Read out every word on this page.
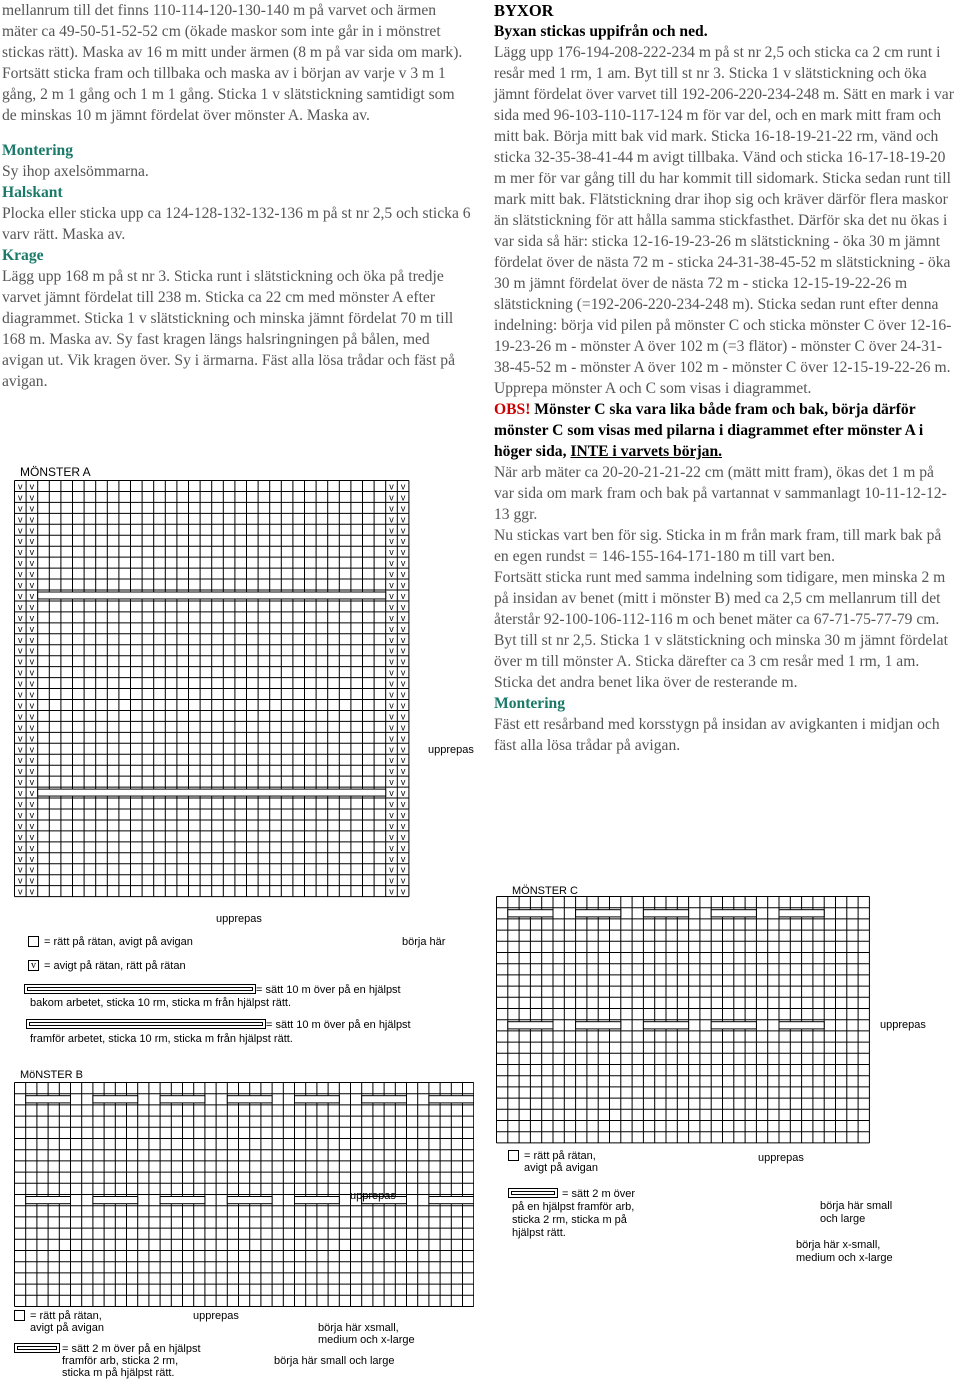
mellanrum till det finns 110-114-120-130-140 m på varvet och ärmen mäter ca 49-50-51-52-52 cm (ökade maskor som inte går in i mönstret stickas rätt). Maska av 16 m mitt under ärmen (8 m på var sida om mark). Fortsätt sticka fram och tillbaka och maska av i början av varje v 3 m 1 gång, 2 m 1 gång och 1 m 1 gång. Sticka 1 v slätstickning samtidigt som de minskas 10 m jämnt fördelat över mönster A. Maska av.

Montering

Sy ihop axelsömmarna.

Halskant

Plocka eller sticka upp ca 124-128-132-132-136 m på st nr 2,5 och sticka 6 varv rätt. Maska av.

Krage

Lägg upp 168 m på st nr 3. Sticka runt i slätstickning och öka på tredje varvet jämnt fördelat till 238 m. Sticka ca 22 cm med mönster A efter diagrammet. Sticka 1 v slätstickning och minska jämnt fördelat 70 m till 168 m. Maska av. Sy fast kragen längs halsringningen på bålen, med avigan ut. Vik kragen över. Sy i ärmarna. Fäst alla lösa trådar och fäst på avigan.

BYXOR

Byxan stickas uppifrån och ned.

Lägg upp 176-194-208-222-234 m på st nr 2,5 och sticka ca 2 cm runt i resår med 1 rm, 1 am. Byt till st nr 3. Sticka 1 v slätstickning och öka jämnt fördelat över varvet till 192-206-220-234-248 m. Sätt en mark i var sida med 96-103-110-117-124 m för var del, och en mark mitt fram och mitt bak. Börja mitt bak vid mark. Sticka 16-18-19-21-22 rm, vänd och sticka 32-35-38-41-44 m avigt tillbaka. Vänd och sticka 16-17-18-19-20 m mer för var gång till du har kommit till sidomark. Sticka sedan runt till mark mitt bak. Flätstickning drar ihop sig och kräver därför flera maskor än slätstickning för att hålla samma stickfasthet. Därför ska det nu ökas i var sida så här: sticka 12-16-19-23-26 m slätstickning - öka 30 m jämnt fördelat över de nästa 72 m - sticka 24-31-38-45-52 m slätstickning - öka 30 m jämnt fördelat över de nästa 72 m - sticka 12-15-19-22-26 m slätstickning (=192-206-220-234-248 m). Sticka sedan runt efter denna indelning: börja vid pilen på mönster C och sticka mönster C över 12-16-19-23-26 m - mönster A över 102 m (=3 flätor) - mönster C över 24-31-38-45-52 m - mönster A över 102 m - mönster C över 12-15-19-22-26 m.

Upprepa mönster A och C som visas i diagrammet.

OBS! Mönster C ska vara lika både fram och bak, börja därför mönster C som visas med pilarna i diagrammet efter mönster A i höger sida, INTE i varvets början.

När arb mäter ca 20-20-21-21-22 cm (mätt mitt fram), ökas det 1 m på var sida om mark fram och bak på vartannat v sammanlagt 10-11-12-12-13 ggr.

Nu stickas vart ben för sig. Sticka in m från mark fram, till mark bak på en egen rundst = 146-155-164-171-180 m till vart ben.

Fortsätt sticka runt med samma indelning som tidigare, men minska 2 m på insidan av benet (mitt i mönster B) med ca 2,5 cm mellanrum till det återstår 92-100-106-112-116 m och benet mäter ca 67-71-75-77-79 cm. Byt till st nr 2,5. Sticka 1 v slätstickning och minska 30 m jämnt fördelat över m till mönster A. Sticka därefter ca 3 cm resår med 1 rm, 1 am. Sticka det andra benet lika över de resterande m.

Montering

Fäst ett resårband med korsstygn på insidan av avigkanten i midjan och fäst alla lösa trådar på avigan.

MÖNSTER A
v v
v v
v v
v v
v v
v v
v v
v v
v v
v v
v v
v v
v v
v v
v v
v v
v v
v v
v v
v v
v v
v v
v v
v v
v v
v v
v v
v v
v v
v v
v v
v v
v v
v v
v v
v v
v v
v v
v v
v v
v v
v v
v v
v v
v v
v v
v v
v v
v v
v v
v v
v v
v v
v v
v v
v v
v v
v v
v v
v v
v v
v v
v v
v v
v v
v v
v v
v v
v v
v v
v v
v v
v v
v v
v v
v v
upprepas
upprepas
börja här
= rätt på rätan, avigt på avigan
v = avigt på rätan, rätt på rätan
= sätt 10 m över på en hjälpst
bakom arbetet, sticka 10 rm, sticka m från hjälpst rätt.
= sätt 10 m över på en hjälpst
framför arbetet, sticka 10 rm, sticka m från hjälpst rätt.
MöNSTER B
upprepas
upprepas
= rätt på rätan,
avigt på avigan
= sätt 2 m över på en hjälpst
framför arb, sticka 2 rm,
sticka m på hjälpst rätt.
börja här xsmall,
medium och x-large
börja här small och large
MÖNSTER C
upprepas
upprepas
= rätt på rätan,
avigt på avigan
= sätt 2 m över
på en hjälpst framför arb,
sticka 2 rm, sticka m på
hjälpst rätt.
börja här small
och large
börja här x-small,
medium och x-large
